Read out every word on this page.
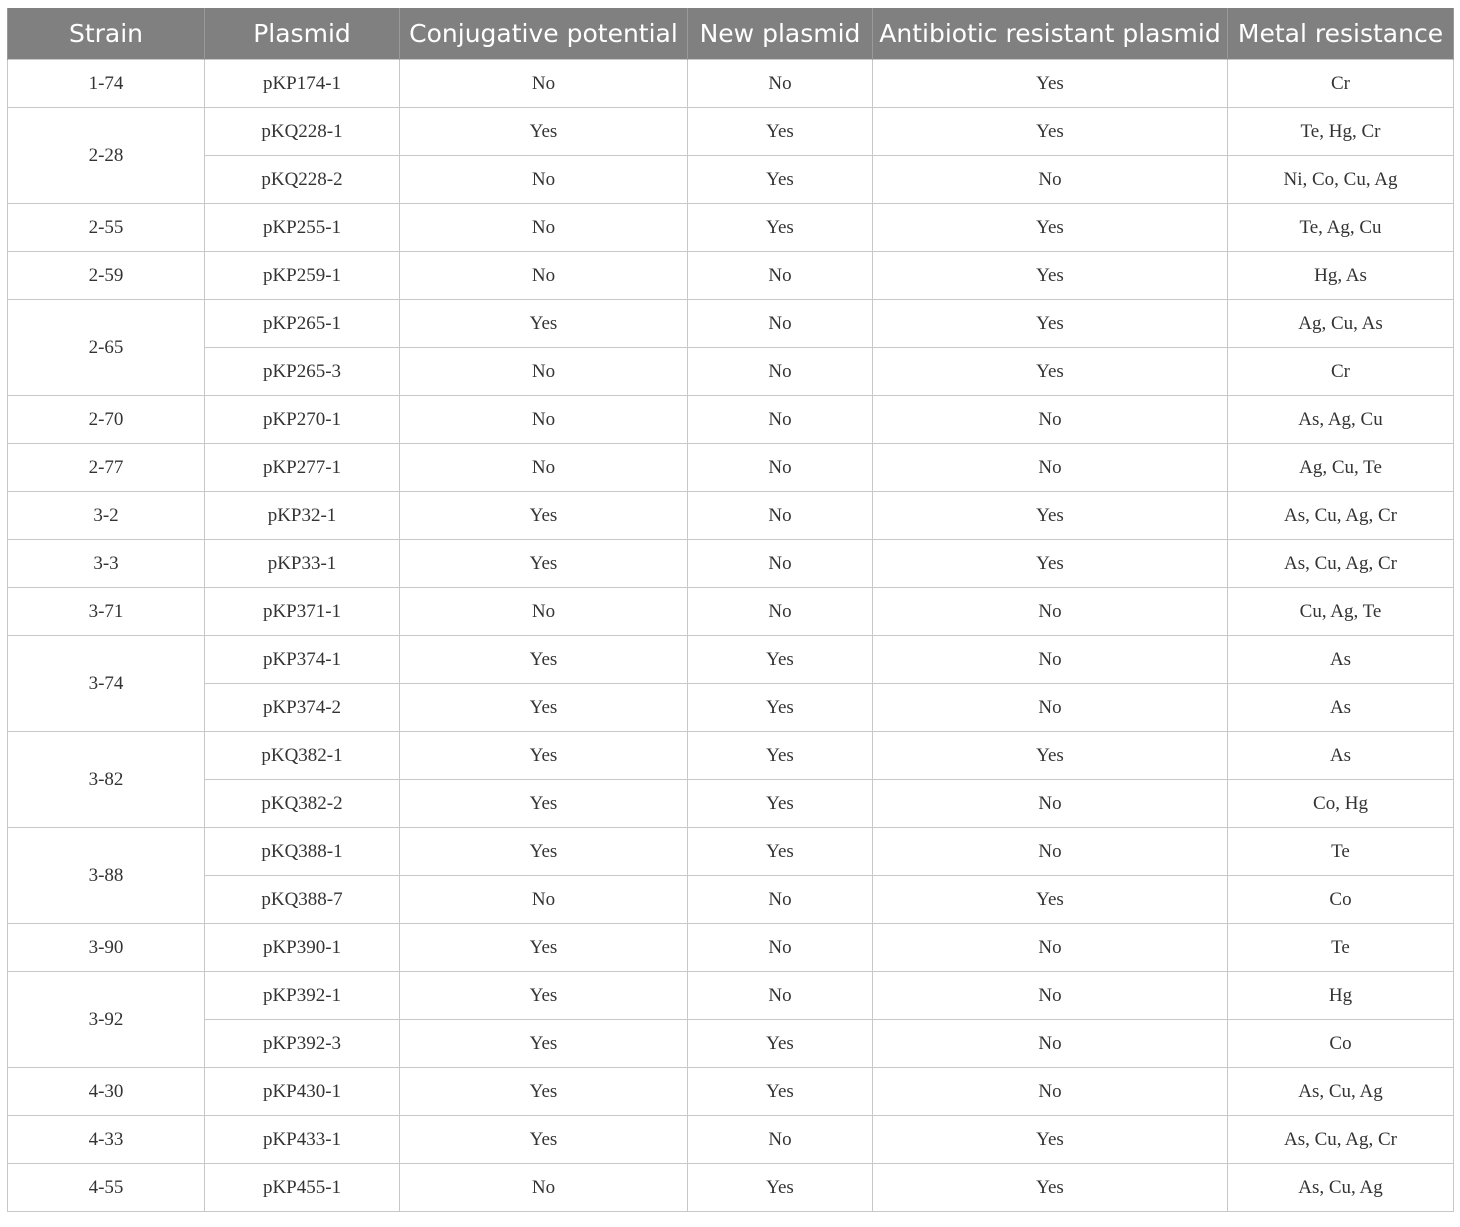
Strain	Plasmid	Conjugative potential	New plasmid	Antibiotic resistant plasmid	Metal resistance
1-74	pKP174-1	No	No	Yes	Cr
2-28	pKQ228-1	Yes	Yes	Yes	Te, Hg, Cr
	pKQ228-2	No	Yes	No	Ni, Co, Cu, Ag
2-55	pKP255-1	No	Yes	Yes	Te, Ag, Cu
2-59	pKP259-1	No	No	Yes	Hg, As
2-65	pKP265-1	Yes	No	Yes	Ag, Cu, As
	pKP265-3	No	No	Yes	Cr
2-70	pKP270-1	No	No	No	As, Ag, Cu
2-77	pKP277-1	No	No	No	Ag, Cu, Te
3-2	pKP32-1	Yes	No	Yes	As, Cu, Ag, Cr
3-3	pKP33-1	Yes	No	Yes	As, Cu, Ag, Cr
3-71	pKP371-1	No	No	No	Cu, Ag, Te
3-74	pKP374-1	Yes	Yes	No	As
	pKP374-2	Yes	Yes	No	As
3-82	pKQ382-1	Yes	Yes	Yes	As
	pKQ382-2	Yes	Yes	No	Co, Hg
3-88	pKQ388-1	Yes	Yes	No	Te
	pKQ388-7	No	No	Yes	Co
3-90	pKP390-1	Yes	No	No	Te
3-92	pKP392-1	Yes	No	No	Hg
	pKP392-3	Yes	Yes	No	Co
4-30	pKP430-1	Yes	Yes	No	As, Cu, Ag
4-33	pKP433-1	Yes	No	Yes	As, Cu, Ag, Cr
4-55	pKP455-1	No	Yes	Yes	As, Cu, Ag
